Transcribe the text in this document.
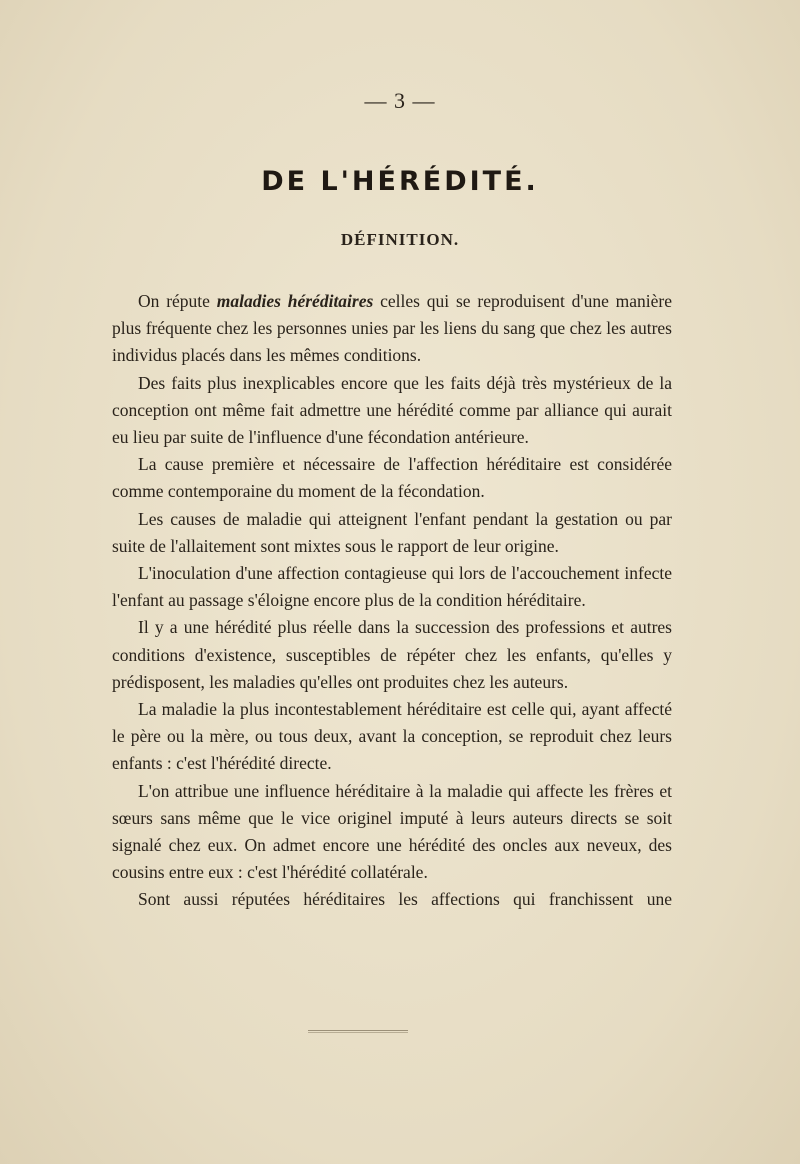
— 3 —
DE L'HÉRÉDITÉ.
DÉFINITION.

On répute maladies héréditaires celles qui se reproduisent d'une manière plus fréquente chez les personnes unies par les liens du sang que chez les autres individus placés dans les mêmes conditions.

Des faits plus inexplicables encore que les faits déjà très mystérieux de la conception ont même fait admettre une hérédité comme par alliance qui aurait eu lieu par suite de l'influence d'une fécondation antérieure.

La cause première et nécessaire de l'affection héréditaire est considérée comme contemporaine du moment de la fécondation.

Les causes de maladie qui atteignent l'enfant pendant la gestation ou par suite de l'allaitement sont mixtes sous le rapport de leur origine.

L'inoculation d'une affection contagieuse qui lors de l'accouchement infecte l'enfant au passage s'éloigne encore plus de la condition héréditaire.

Il y a une hérédité plus réelle dans la succession des professions et autres conditions d'existence, susceptibles de répéter chez les enfants, qu'elles y prédisposent, les maladies qu'elles ont produites chez les auteurs.

La maladie la plus incontestablement héréditaire est celle qui, ayant affecté le père ou la mère, ou tous deux, avant la conception, se reproduit chez leurs enfants : c'est l'hérédité directe.

L'on attribue une influence héréditaire à la maladie qui affecte les frères et sœurs sans même que le vice originel imputé à leurs auteurs directs se soit signalé chez eux. On admet encore une hérédité des oncles aux neveux, des cousins entre eux : c'est l'hérédité collatérale.

Sont aussi réputées héréditaires les affections qui franchissent une
